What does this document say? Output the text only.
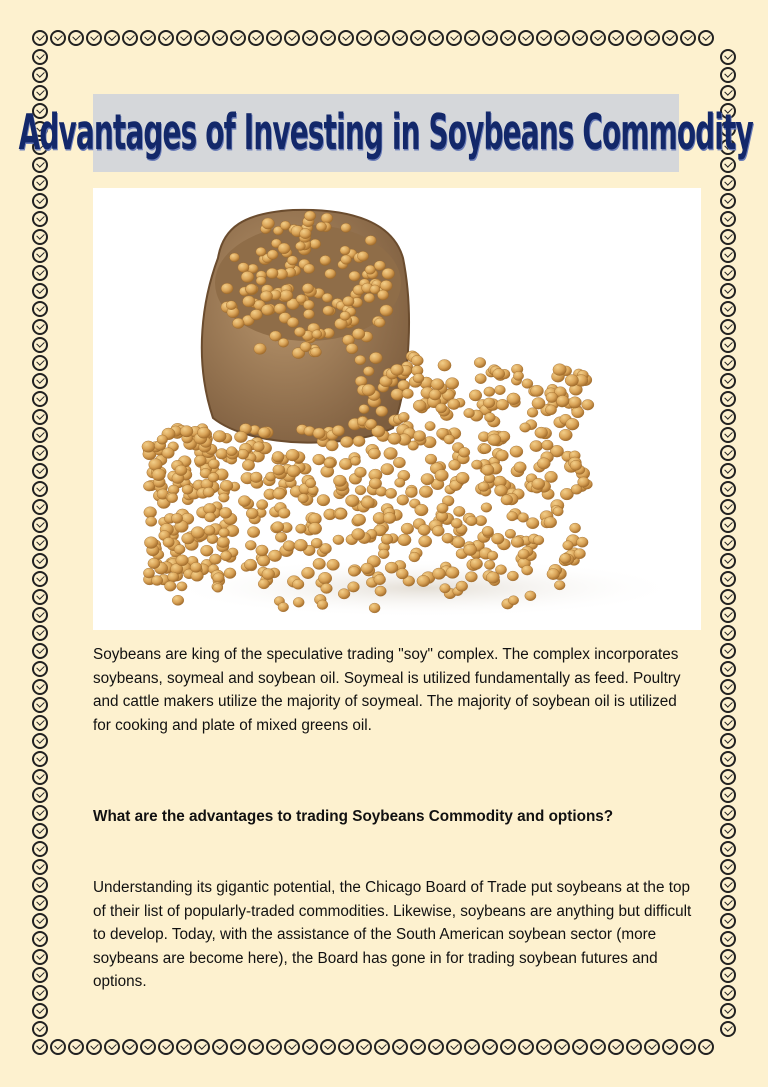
Advantages of Investing in Soybeans Commodity
Soybeans are king of the speculative trading "soy" complex. The complex incorporates soybeans, soymeal and soybean oil. Soymeal is utilized fundamentally as feed. Poultry and cattle makers utilize the majority of soymeal. The majority of soybean oil is utilized for cooking and plate of mixed greens oil.
What are the advantages to trading Soybeans Commodity and options?
Understanding its gigantic potential, the Chicago Board of Trade put soybeans at the top of their list of popularly-traded commodities. Likewise, soybeans are anything but difficult to develop. Today, with the assistance of the South American soybean sector (more soybeans are become here), the Board has gone in for trading soybean futures and options.
